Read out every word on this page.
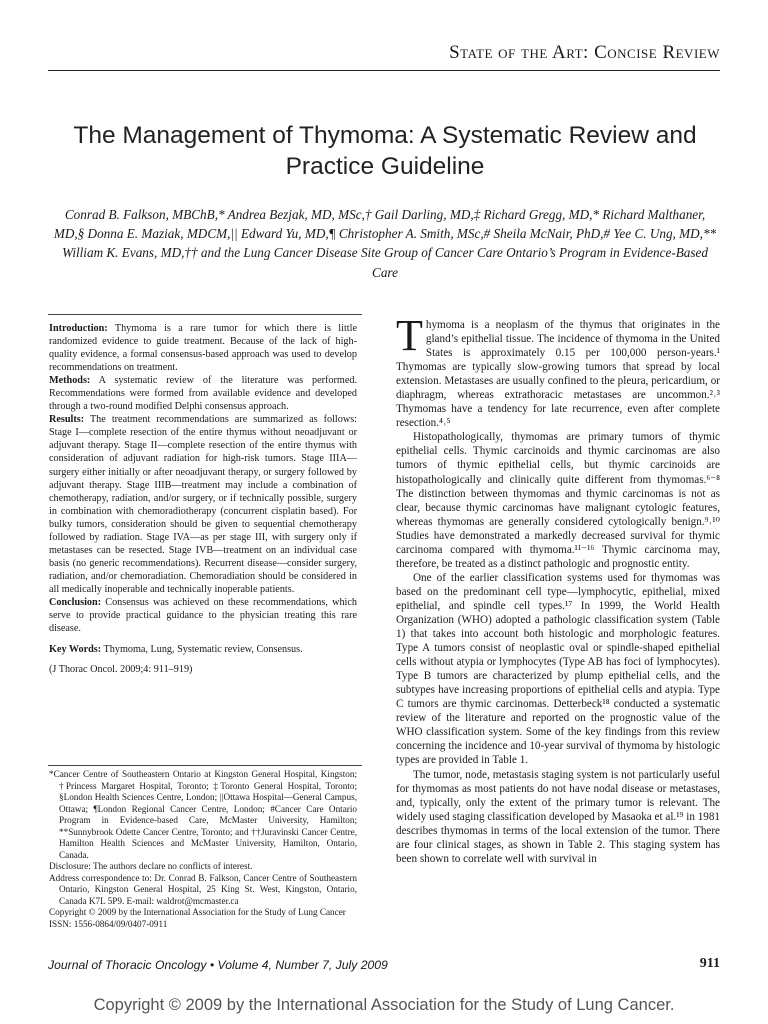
State of the Art: Concise Review
The Management of Thymoma: A Systematic Review and Practice Guideline
Conrad B. Falkson, MBChB,* Andrea Bezjak, MD, MSc,† Gail Darling, MD,‡ Richard Gregg, MD,* Richard Malthaner, MD,§ Donna E. Maziak, MDCM,|| Edward Yu, MD,¶ Christopher A. Smith, MSc,# Sheila McNair, PhD,# Yee C. Ung, MD,** William K. Evans, MD,†† and the Lung Cancer Disease Site Group of Cancer Care Ontario’s Program in Evidence-Based Care

Introduction: Thymoma is a rare tumor for which there is little randomized evidence to guide treatment. Because of the lack of high-quality evidence, a formal consensus-based approach was used to develop recommendations on treatment.

Methods: A systematic review of the literature was performed. Recommendations were formed from available evidence and developed through a two-round modified Delphi consensus approach.

Results: The treatment recommendations are summarized as follows: Stage I—complete resection of the entire thymus without neoadjuvant or adjuvant therapy. Stage II—complete resection of the entire thymus with consideration of adjuvant radiation for high-risk tumors. Stage IIIA—surgery either initially or after neoadjuvant therapy, or surgery followed by adjuvant therapy. Stage IIIB—treatment may include a combination of chemotherapy, radiation, and/or surgery, or if technically possible, surgery in combination with chemoradiotherapy (concurrent cisplatin based). For bulky tumors, consideration should be given to sequential chemotherapy followed by radiation. Stage IVA—as per stage III, with surgery only if metastases can be resected. Stage IVB—treatment on an individual case basis (no generic recommendations). Recurrent disease—consider surgery, radiation, and/or chemoradiation. Chemoradiation should be considered in all medically inoperable and technically inoperable patients.

Conclusion: Consensus was achieved on these recommendations, which serve to provide practical guidance to the physician treating this rare disease.

Key Words: Thymoma, Lung, Systematic review, Consensus.

(J Thorac Oncol. 2009;4: 911–919)

*Cancer Centre of Southeastern Ontario at Kingston General Hospital, Kingston; †Princess Margaret Hospital, Toronto; ‡Toronto General Hospital, Toronto; §London Health Sciences Centre, London; ||Ottawa Hospital—General Campus, Ottawa; ¶London Regional Cancer Centre, London; #Cancer Care Ontario Program in Evidence-based Care, McMaster University, Hamilton; **Sunnybrook Odette Cancer Centre, Toronto; and ††Juravinski Cancer Centre, Hamilton Health Sciences and McMaster University, Hamilton, Ontario, Canada.

Disclosure: The authors declare no conflicts of interest.

Address correspondence to: Dr. Conrad B. Falkson, Cancer Centre of Southeastern Ontario, Kingston General Hospital, 25 King St. West, Kingston, Ontario, Canada K7L 5P9. E-mail: waldrot@mcmaster.ca

Copyright © 2009 by the International Association for the Study of Lung Cancer

ISSN: 1556-0864/09/0407-0911

Thymoma is a neoplasm of the thymus that originates in the gland’s epithelial tissue. The incidence of thymoma in the United States is approximately 0.15 per 100,000 person-years.¹ Thymomas are typically slow-growing tumors that spread by local extension. Metastases are usually confined to the pleura, pericardium, or diaphragm, whereas extrathoracic metastases are uncommon.²˒³ Thymomas have a tendency for late recurrence, even after complete resection.⁴˒⁵

Histopathologically, thymomas are primary tumors of thymic epithelial cells. Thymic carcinoids and thymic carcinomas are also tumors of thymic epithelial cells, but thymic carcinoids are histopathologically and clinically quite different from thymomas.⁶⁻⁸ The distinction between thymomas and thymic carcinomas is not as clear, because thymic carcinomas have malignant cytologic features, whereas thymomas are generally considered cytologically benign.⁹˒¹⁰ Studies have demonstrated a markedly decreased survival for thymic carcinoma compared with thymoma.¹¹⁻¹⁶ Thymic carcinoma may, therefore, be treated as a distinct pathologic and prognostic entity.

One of the earlier classification systems used for thymomas was based on the predominant cell type—lymphocytic, epithelial, mixed epithelial, and spindle cell types.¹⁷ In 1999, the World Health Organization (WHO) adopted a pathologic classification system (Table 1) that takes into account both histologic and morphologic features. Type A tumors consist of neoplastic oval or spindle-shaped epithelial cells without atypia or lymphocytes (Type AB has foci of lymphocytes). Type B tumors are characterized by plump epithelial cells, and the subtypes have increasing proportions of epithelial cells and atypia. Type C tumors are thymic carcinomas. Detterbeck¹⁸ conducted a systematic review of the literature and reported on the prognostic value of the WHO classification system. Some of the key findings from this review concerning the incidence and 10-year survival of thymoma by histologic types are provided in Table 1.

The tumor, node, metastasis staging system is not particularly useful for thymomas as most patients do not have nodal disease or metastases, and, typically, only the extent of the primary tumor is relevant. The widely used staging classification developed by Masaoka et al.¹⁹ in 1981 describes thymomas in terms of the local extension of the tumor. There are four clinical stages, as shown in Table 2. This staging system has been shown to correlate well with survival in

Journal of Thoracic Oncology • Volume 4, Number 7, July 2009	911
Copyright © 2009 by the International Association for the Study of Lung Cancer.
